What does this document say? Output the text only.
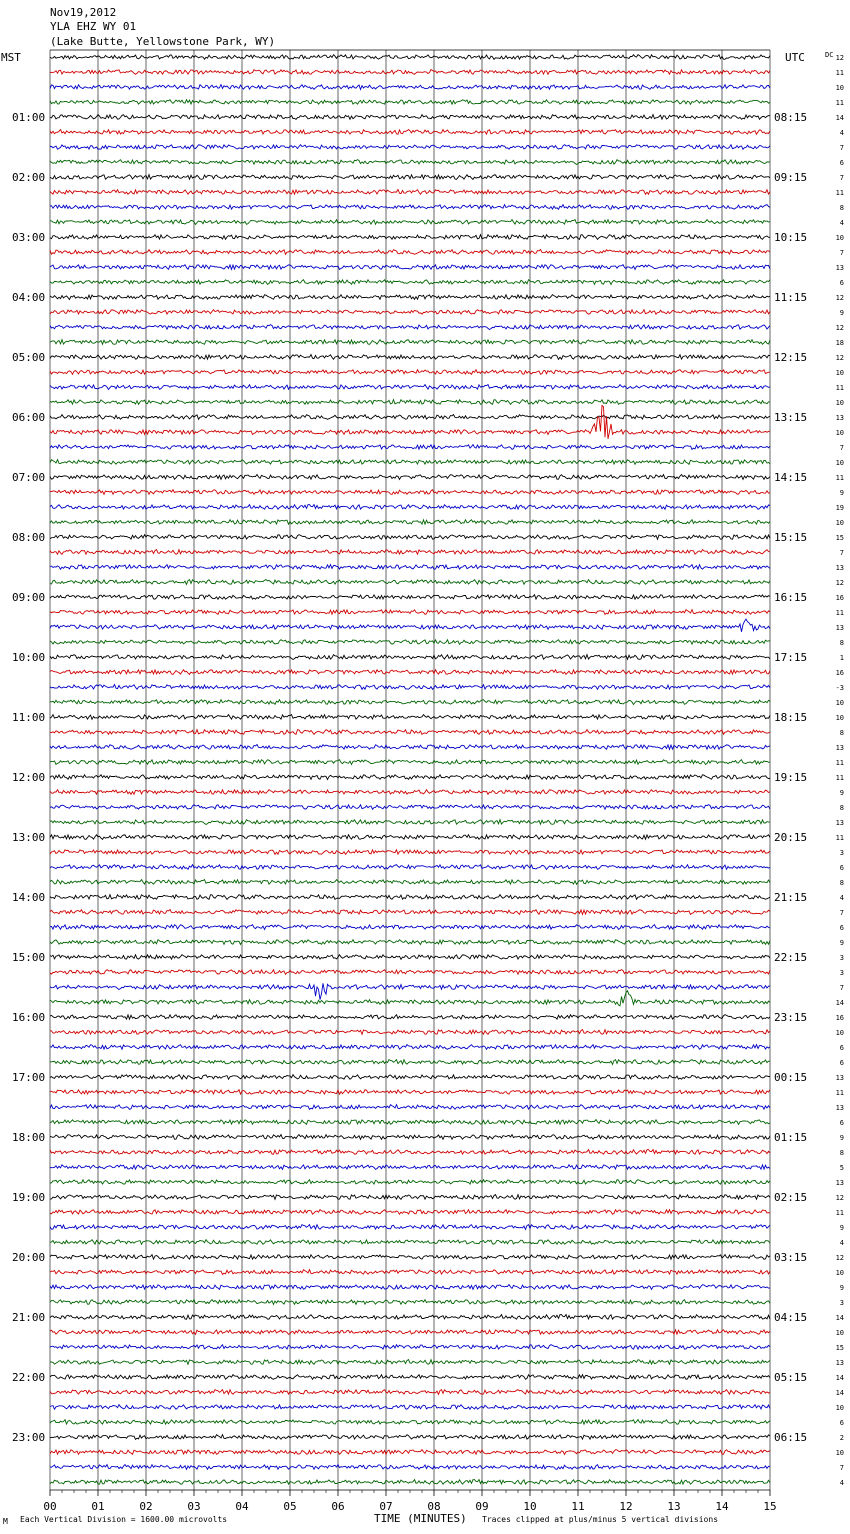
Nov19,2012
YLA EHZ WY 01
(Lake Butte, Yellowstone Park, WY)
MST	UTC	DC
01:00
02:00
03:00
04:00
05:00
06:00
07:00
08:00
09:00
10:00
11:00
12:00
13:00
14:00
15:00
16:00
17:00
18:00
19:00
20:00
21:00
22:00
23:00
08:15
09:15
10:15
11:15
12:15
13:15
14:15
15:15
16:15
17:15
18:15
19:15
20:15
21:15
22:15
23:15
00:15
01:15
02:15
03:15
04:15
05:15
06:15
12
11
10
11
14
4
7
6
7
11
8
4
10
7
13
6
12
9
12
18
12
10
11
10
13
10
7
10
11
9
19
10
15
7
13
12
16
11
13
8
1
16
-3
10
10
8
13
11
11
9
8
13
11
3
6
8
4
7
6
9
3
3
7
14
16
10
6
6
13
11
13
6
9
8
5
13
12
11
9
4
12
10
9
3
14
10
15
13
14
14
10
6
2
10
7
4
00	01	02	03	04	05	06	07	08	09	10	11	12	13	14	15
M Each Vertical Division = 1600.00 microvolts	TIME (MINUTES) Traces clipped at plus/minus 5 vertical divisions
